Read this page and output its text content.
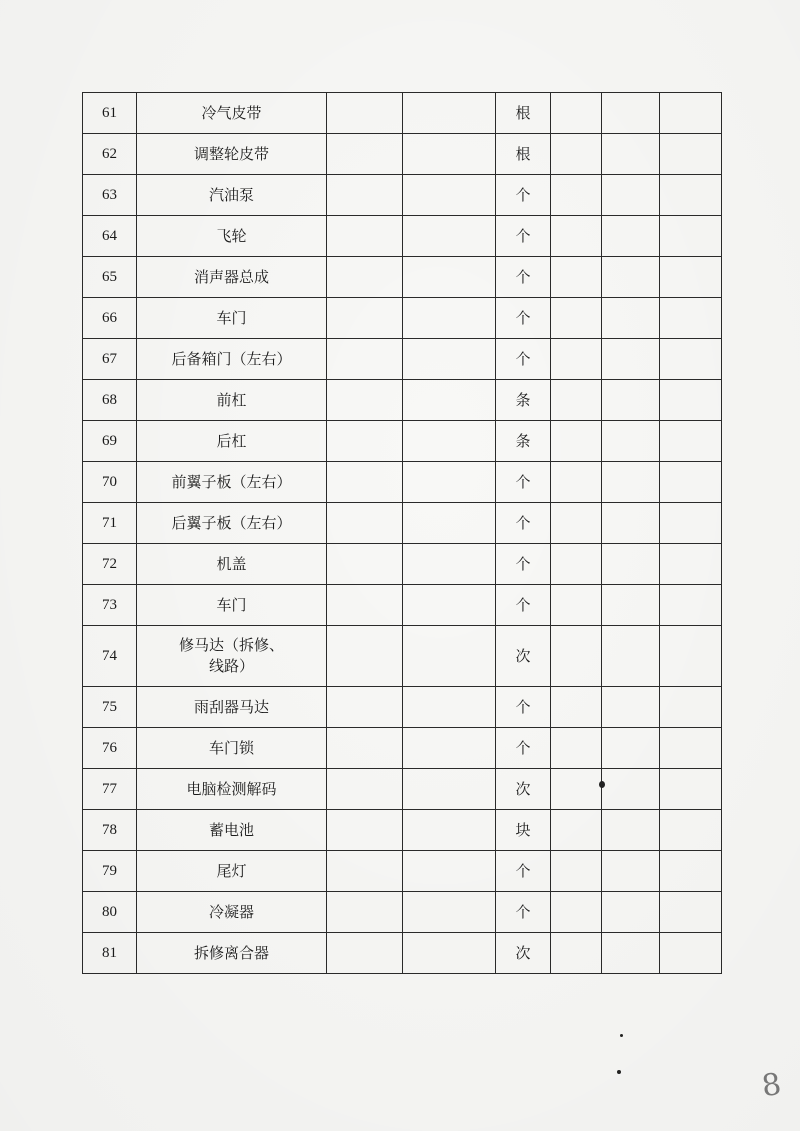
61	冷气皮带			根			
62	调整轮皮带			根			
63	汽油泵			个			
64	飞轮			个			
65	消声器总成			个			
66	车门			个			
67	后备箱门（左右）			个			
68	前杠			条			
69	后杠			条			
70	前翼子板（左右）			个			
71	后翼子板（左右）			个			
72	机盖			个			
73	车门			个			
74	修马达（拆修、
线路）			次			
75	雨刮器马达			个			
76	车门锁			个			
77	电脑检测解码			次			
78	蓄电池			块			
79	尾灯			个			
80	冷凝器			个			
81	拆修离合器			次			
8
